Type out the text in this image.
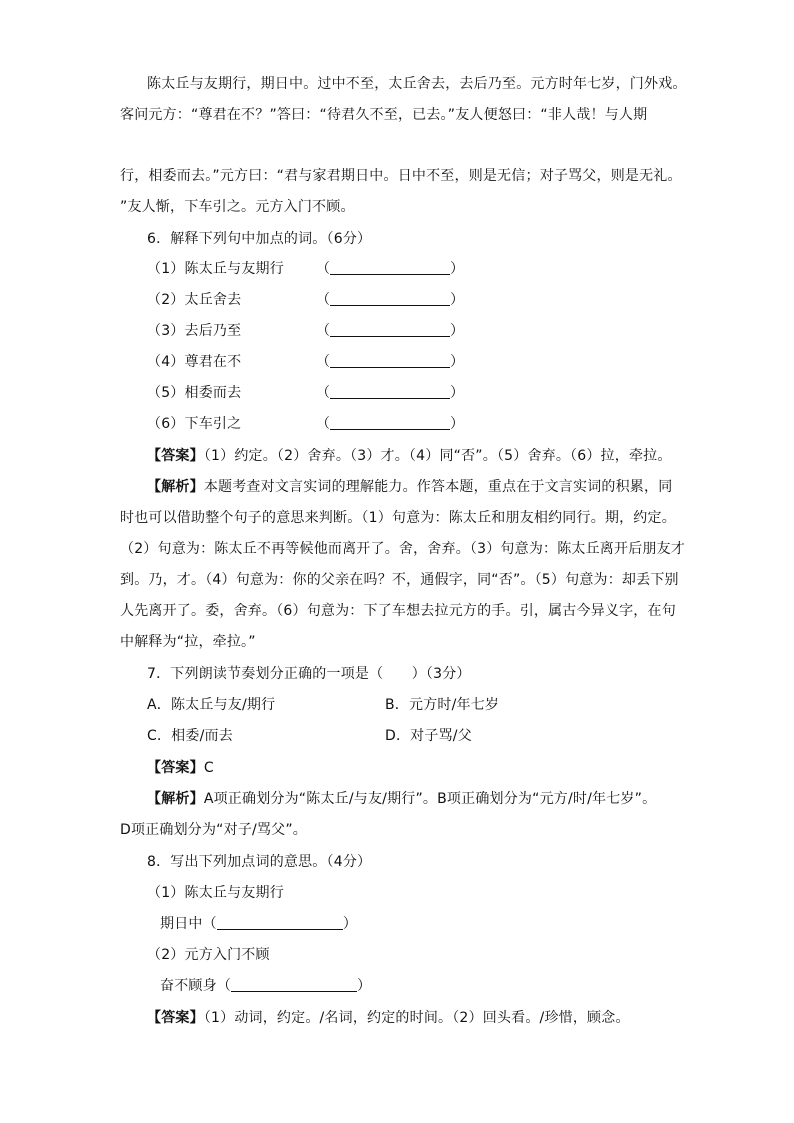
陈太丘与友期行，期日中。过中不至，太丘舍去，去后乃至。元方时年七岁，门外戏。
客问元方：“尊君在不？”答曰：“待君久不至，已去。”友人便怒曰：“非人哉！与人期
行，相委而去。”元方曰：“君与家君期日中。日中不至，则是无信；对子骂父，则是无礼。
”友人惭，下车引之。元方入门不顾。
6．解释下列句中加点的词。（6分）
（1）陈太丘与友期行 （	）
（2）太丘舍去	（	）
（3）去后乃至	（	）
（4）尊君在不	（	）
（5）相委而去	（	）
（6）下车引之	（	）
【答案】（1）约定。（2）舍弃。（3）才。（4）同“否”。（5）舍弃。（6）拉，牵拉。
【解析】本题考查对文言实词的理解能力。作答本题，重点在于文言实词的积累，同
时也可以借助整个句子的意思来判断。（1）句意为：陈太丘和朋友相约同行。期，约定。
（2）句意为：陈太丘不再等候他而离开了。舍，舍弃。（3）句意为：陈太丘离开后朋友才
到。乃，才。（4）句意为：你的父亲在吗？不，通假字，同“否”。（5）句意为：却丢下别
人先离开了。委，舍弃。（6）句意为：下了车想去拉元方的手。引，属古今异义字，在句
中解释为“拉，牵拉。”
7．下列朗读节奏划分正确的一项是（　　）（3分）
A．陈太丘与友/期行	B．元方时/年七岁
C．相委/而去	D．对子骂/父
【答案】C
【解析】A项正确划分为“陈太丘/与友/期行”。B项正确划分为“元方/时/年七岁”。
D项正确划分为“对子/骂父”。
8．写出下列加点词的意思。（4分）
（1）陈太丘与友期行
期日中（	）
（2）元方入门不顾
奋不顾身（	）
【答案】（1）动词，约定。/名词，约定的时间。（2）回头看。/珍惜，顾念。
